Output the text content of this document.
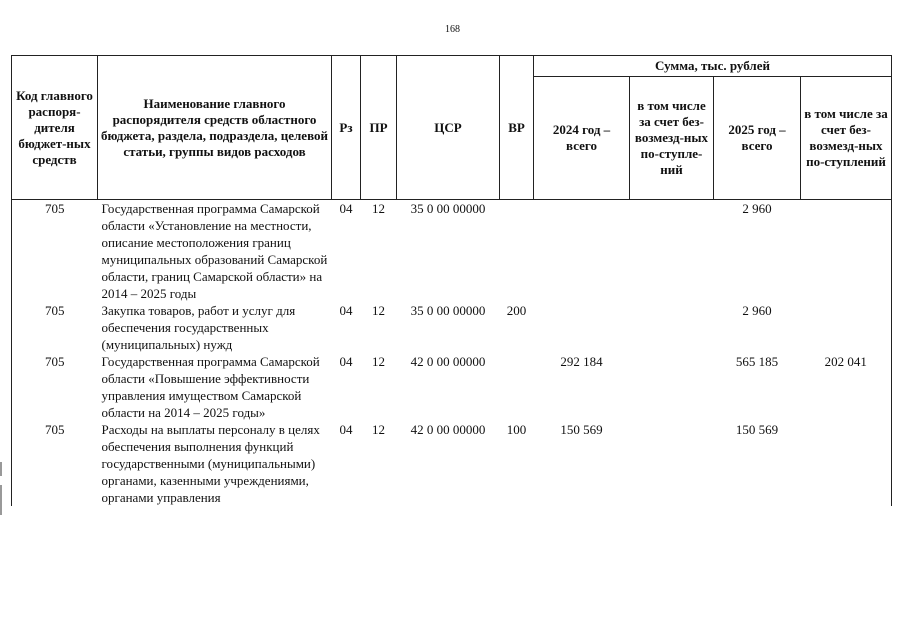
168
Код главного распоря-дителя бюджет-ных средств	Наименование главного распорядителя средств областного бюджета, раздела, подраздела, целевой статьи, группы видов расходов	Рз	ПР	ЦСР	ВР	Сумма, тыс. рублей			
						2024 год – всего	в том числе за счет без-возмезд-ных по-ступле-ний	2025 год – всего	в том числе за счет без-возмезд-ных по-ступлений
705	Государственная программа Самарской области «Установление на местности, описание местоположения границ муниципальных образований Самарской области, границ Самарской области» на 2014 – 2025 годы	04	12	35 0 00 00000				2 960	
705	Закупка товаров, работ и услуг для обеспечения государственных (муниципальных) нужд	04	12	35 0 00 00000	200			2 960	
705	Государственная программа Самарской области «Повышение эффективности управления имуществом Самарской области на 2014 – 2025 годы»	04	12	42 0 00 00000		292 184		565 185	202 041
705	Расходы на выплаты персоналу в целях обеспечения выполнения функций государственными (муниципальными) органами, казенными учреждениями, органами управления	04	12	42 0 00 00000	100	150 569		150 569	
